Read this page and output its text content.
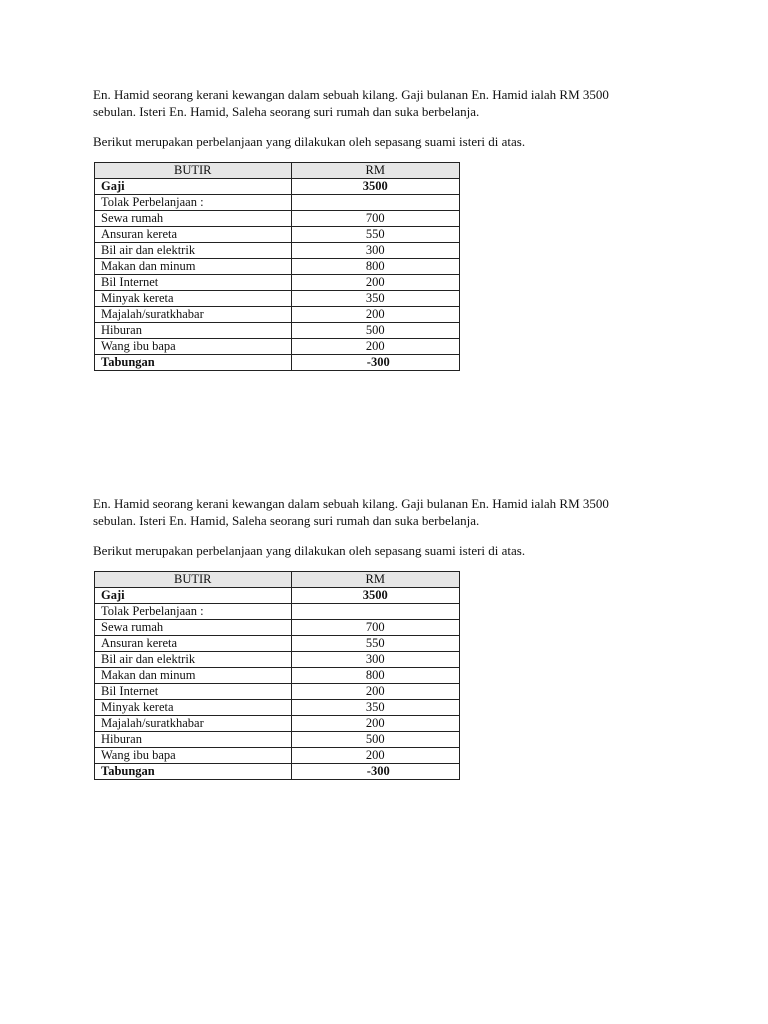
En. Hamid seorang kerani kewangan dalam sebuah kilang. Gaji bulanan En. Hamid ialah RM 3500

sebulan. Isteri En. Hamid, Saleha seorang suri rumah dan suka berbelanja.

Berikut merupakan perbelanjaan yang dilakukan oleh sepasang suami isteri di atas.

BUTIR	RM
Gaji	3500
Tolak Perbelanjaan :	
Sewa rumah	700
Ansuran kereta	550
Bil air dan elektrik	300
Makan dan minum	800
Bil Internet	200
Minyak kereta	350
Majalah/suratkhabar	200
Hiburan	500
Wang ibu bapa	200
Tabungan	-300

En. Hamid seorang kerani kewangan dalam sebuah kilang. Gaji bulanan En. Hamid ialah RM 3500

sebulan. Isteri En. Hamid, Saleha seorang suri rumah dan suka berbelanja.

Berikut merupakan perbelanjaan yang dilakukan oleh sepasang suami isteri di atas.

BUTIR	RM
Gaji	3500
Tolak Perbelanjaan :	
Sewa rumah	700
Ansuran kereta	550
Bil air dan elektrik	300
Makan dan minum	800
Bil Internet	200
Minyak kereta	350
Majalah/suratkhabar	200
Hiburan	500
Wang ibu bapa	200
Tabungan	-300
